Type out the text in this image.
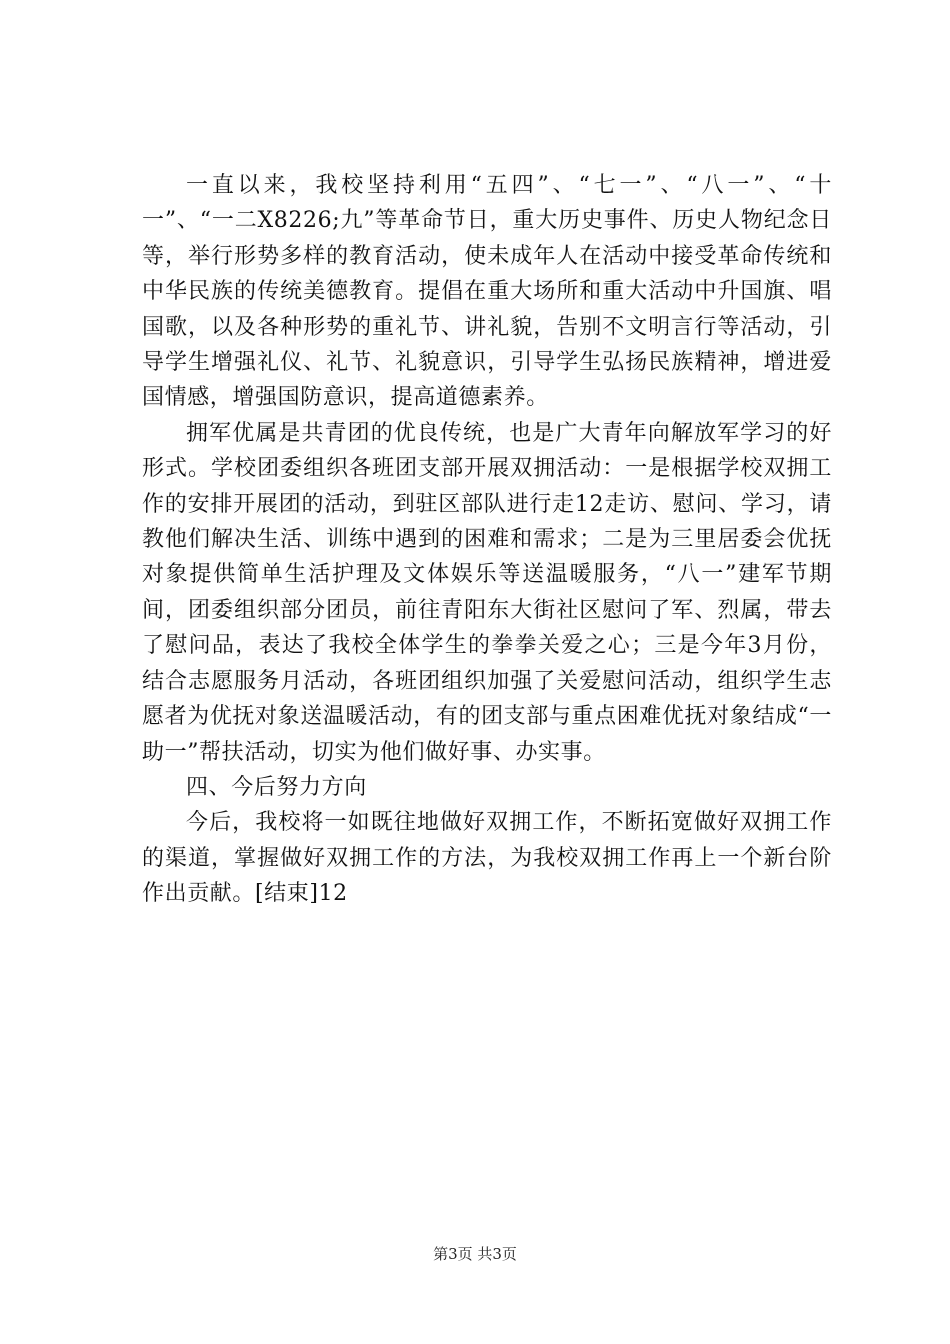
一直以来，我校坚持利用“五四”、“七一”、“八一”、“十一”、“一二X8226;九”等革命节日，重大历史事件、历史人物纪念日等，举行形势多样的教育活动，使未成年人在活动中接受革命传统和中华民族的传统美德教育。提倡在重大场所和重大活动中升国旗、唱国歌，以及各种形势的重礼节、讲礼貌，告别不文明言行等活动，引导学生增强礼仪、礼节、礼貌意识，引导学生弘扬民族精神，增进爱国情感，增强国防意识，提高道德素养。

拥军优属是共青团的优良传统，也是广大青年向解放军学习的好形式。学校团委组织各班团支部开展双拥活动：一是根据学校双拥工作的安排开展团的活动，到驻区部队进行走12走访、慰问、学习，请教他们解决生活、训练中遇到的困难和需求；二是为三里居委会优抚对象提供简单生活护理及文体娱乐等送温暖服务，“八一”建军节期间，团委组织部分团员，前往青阳东大街社区慰问了军、烈属，带去了慰问品，表达了我校全体学生的拳拳关爱之心；三是今年3月份，结合志愿服务月活动，各班团组织加强了关爱慰问活动，组织学生志愿者为优抚对象送温暖活动，有的团支部与重点困难优抚对象结成“一助一”帮扶活动，切实为他们做好事、办实事。

四、今后努力方向

今后，我校将一如既往地做好双拥工作，不断拓宽做好双拥工作的渠道，掌握做好双拥工作的方法，为我校双拥工作再上一个新台阶作出贡献。[结束]12

第3页 共3页
